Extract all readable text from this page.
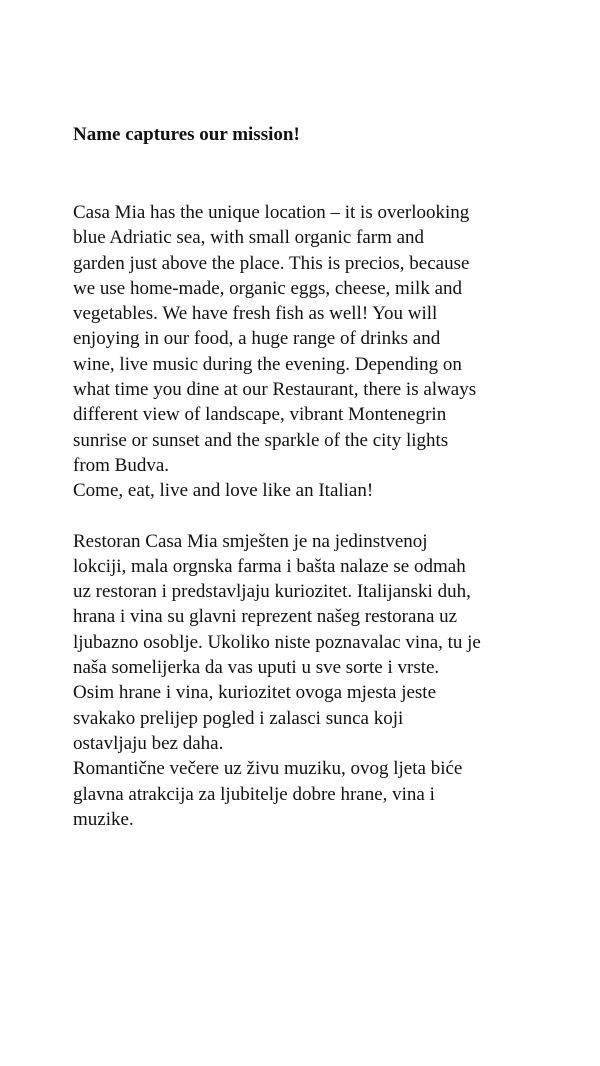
Name captures our mission!

Casa Mia has the unique location – it is overlooking
blue Adriatic sea, with small organic farm and
garden just above the place. This is precios, because
we use home-made, organic eggs, cheese, milk and
vegetables. We have fresh fish as well! You will
enjoying in our food, a huge range of drinks and
wine, live music during the evening. Depending on
what time you dine at our Restaurant, there is always
different view of landscape, vibrant Montenegrin
sunrise or sunset and the sparkle of the city lights
from Budva.
Come, eat, live and love like an Italian!

Restoran Casa Mia smješten je na jedinstvenoj
lokciji, mala orgnska farma i bašta nalaze se odmah
uz restoran i predstavljaju kuriozitet. Italijanski duh,
hrana i vina su glavni reprezent našeg restorana uz
ljubazno osoblje. Ukoliko niste poznavalac vina, tu je
naša somelijerka da vas uputi u sve sorte i vrste.
Osim hrane i vina, kuriozitet ovoga mjesta jeste
svakako prelijep pogled i zalasci sunca koji
ostavljaju bez daha.
Romantične večere uz živu muziku, ovog ljeta biće
glavna atrakcija za ljubitelje dobre hrane, vina i
muzike.
